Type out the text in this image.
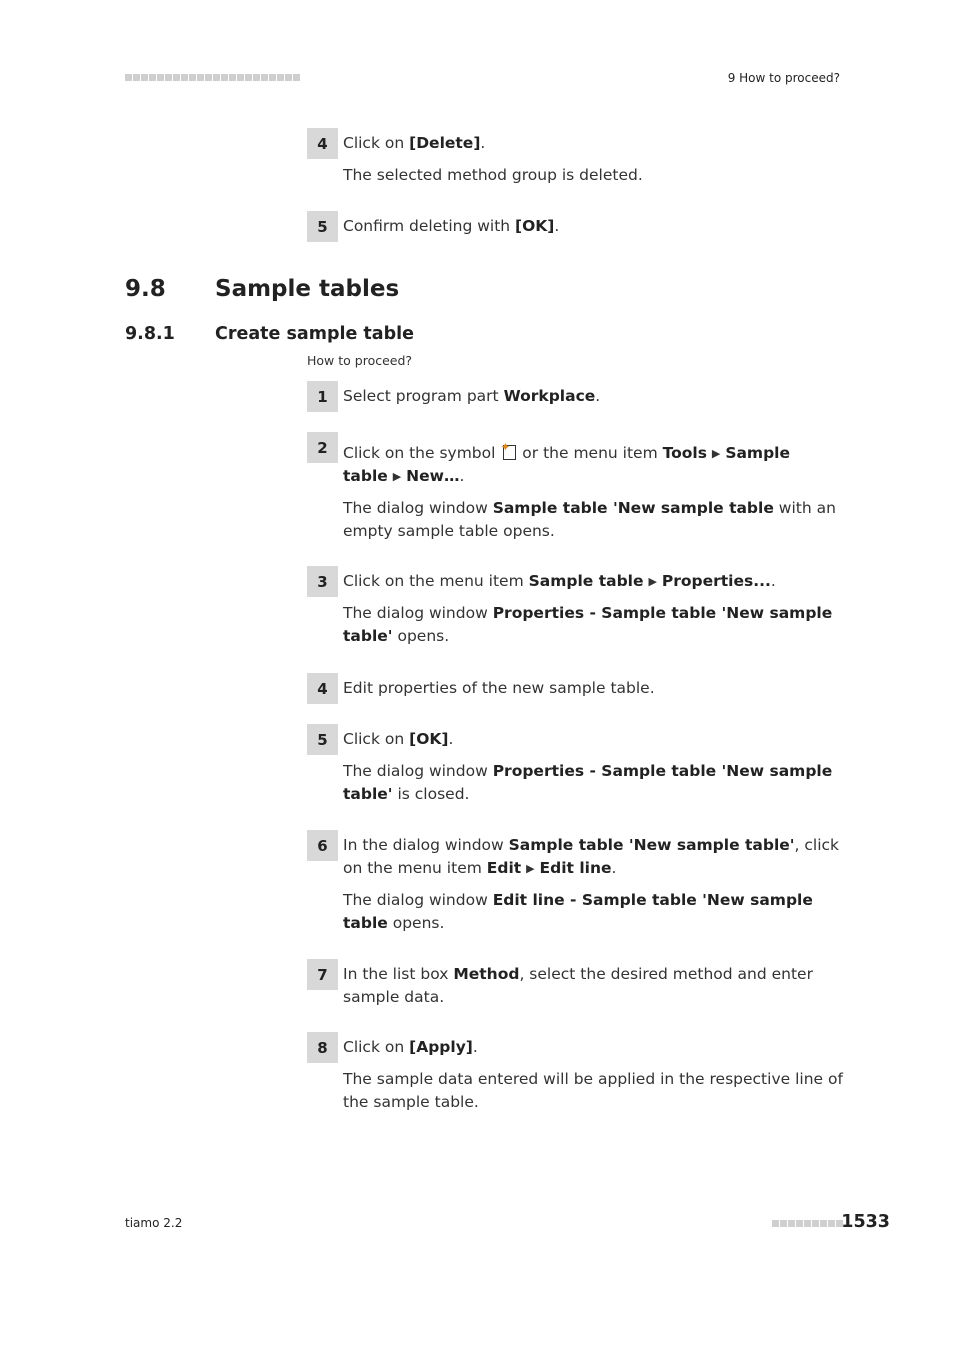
9 How to proceed?
4 Click on [Delete].
The selected method group is deleted.
5 Confirm deleting with [OK].
9.8 Sample tables
9.8.1 Create sample table
How to proceed?
1 Select program part Workplace.
2 Click on the symbol ✦ or the menu item Tools ▶ Sample
table ▶ New….
The dialog window Sample table 'New sample table with an empty sample table opens.
3 Click on the menu item Sample table ▶ Properties....
The dialog window Properties - Sample table 'New sample table' opens.
4 Edit properties of the new sample table.
5 Click on [OK].
The dialog window Properties - Sample table 'New sample table' is closed.
6 In the dialog window Sample table 'New sample table', click on the menu item Edit ▶ Edit line.
The dialog window Edit line - Sample table 'New sample table opens.
7 In the list box Method, select the desired method and enter sample data.
8 Click on [Apply].
The sample data entered will be applied in the respective line of the sample table.
tiamo 2.2	1533
